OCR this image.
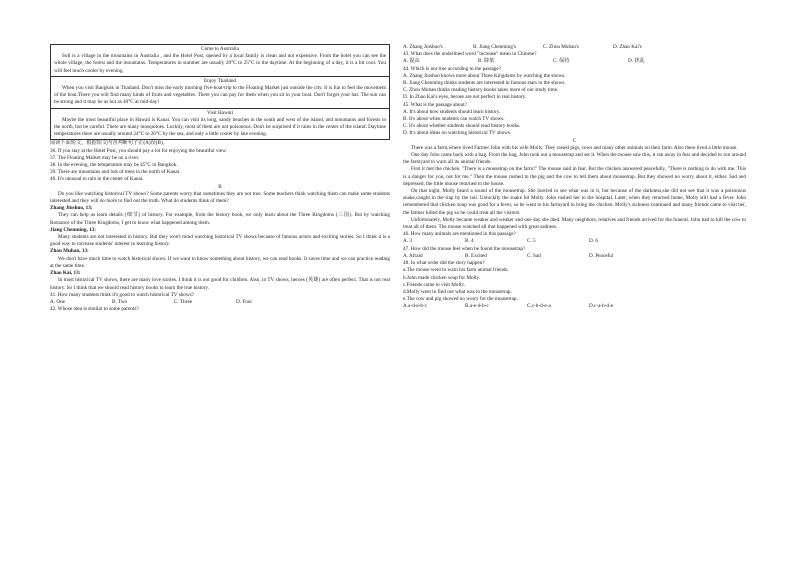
Come to Australia
Soll is a village in the mountains in Australia , and the Hotel Post, opened by a local family is clean and not expensive. From the hotel you can see the whole village, the forest and the mountains. Temperatures in summer are usually 20°C to 25°C in the daytime. At the beginning of a day, it is a bit cool. You will feel much cooler by evening.
Enjoy Thailand
When you visit Bangkok in Thailand. Don't miss the early morning five-boat-trip to the Floating Market just outside the city. It is fun to feel the movement of the boat.There you will find many kinds of fruits and vegetables. There you can pay for them when you sit in your boat. Don't forget your hat. The sun can be strong and it may be as hot as 40°C at mid-day!
Visit Hawaii
Maybe the most beautiful place in Hawaii is Kauai. You can visit its long, sandy beaches in the south and west of the island, and mountains and forests in the north, but be careful. There are many mosquitoes. Luckily, most of them are not poisonous. Don't be surprised if it rains in the center of the island. Daytime temperatures there are usually around 24°C to 26°C by the sea, and only a little cooler by late evening.
阅读下面短文，根据短文内容判断句子正(A)误(B)。
36. If you stay at the Hotel Post, you should pay a lot for enjoying the beautiful view.
37. The Floating Market may be on a river.
38. In the evening, the temperature may be 45°C in Bangkok.
39. There are mountains and lots of trees in the north of Kauai.
40. It's unusual to rain in the center of Kauai.
B
Do you like watching historical TV shows? Some parents worry that sometimes they are not true. Some teachers think watching them can make some students interested and they will do more to find out the truth. What do students think of them?
Zhang Jinshuo, 13:
They can help us learn details (细节) of history. For example, from the history book, we only learn about the Three Kingdoms (三国). But by watching Romance of the Three Kingdoms, I get to know what happened among them.
Jiang Chenming, 13:
Many students are not interested in history. But they won't mind watching historical TV shows because of famous actors and exciting stories. So I think it is a good way to increase students' interest in learning history.
Zhou Muhan, 13:
We don't have much time to watch historical shows. If we want to know something about history, we can read books. It saves time and we can practice reading at the same time.
Zhao Kai, 13:
In most historical TV shows, there are many love stories. I think it is not good for children. Also, in TV shows, heroes (英雄) are often perfect. That is not real history. So I think that we should read history books to learn the true history.
41. How many students think it's good to watch historical TV shows?
A. One	B. Two	C. Three	D. Four
42. Whose idea is similar to some parents?
A. Zhang Jinshuo's	B. Jiang Chenming's	C. Zhou Muhan's	D. Zhao Kai's
43. What does the underlined word "increase" mean in Chinese?
A. 提高	B. 降低	C. 保持	D. 扰乱
44. Which is not true according to the passage?
A. Zhang Jinshuo knows more about Three Kingdoms by watching the shows.
B. Jiang Chenming thinks students are interested in famous stars in the shows.
C. Zhou Muhan thinks reading history books takes more of our study time.
D. In Zhao Kai's eyes, heroes are not perfect in real history.
45. What is the passage about?
A. It's about how students should learn history.
B. It's about when students can watch TV shows.
C. It's about whether students should read history books.
D. It's about ideas on watching historical TV shows.
C
There was a farm,where lived Farmer John with his wife Molly. They raised pigs, cows and many other animals on their farm. Also there lived a little mouse.
One day John came back with a bag. From the bag, John took out a mousetrap and set it. When the mouse saw this, it ran away in fear and decided to run around the farmyard to warn all its animal friends.
First it met the chicken. "There is a mousetrap on the farm!" The mouse said in fear. But the chicken answered peacefully, "There is nothing to do with me. This is a danger for you, not for me." Then the mouse rushed to the pig and the cow to tell them about mousetrap. But they showed no worry about it, either. Sad and depressed, the little mouse returned to the house.
On that night, Molly heard a sound of the mousetrap. She hurried to see what was in it, but because of the darkness,she did not see that it was a poisonous snake,caught in the trap by the tail. Unluckily the snake bit Molly. John rushed her to the hospital. Later, when they returned home, Molly still had a fever. John remembered that chicken soup was good for a fever, so he went to his farmyard to bring the chicken. Molly's sickness continued and many friends came to visit her, the farmer killed the pig so he could treat all the visitors.
Unfortunately, Molly became weaker and weaker and one day she died. Many neighbors, relatives and friends arrived for the funeral. John had to kill the cow to treat all of them. The mouse watched all that happened with great sadness.
46. How many animals are mentioned in this passage?
A. 3	B. 4	C. 5	D. 6
47. How did the mouse feel when he found the mousetrap?
A. Afraid	B. Excited	C. Sad	D. Peaceful
48. In what order did the story happen?
a.The mouse went to warn his farm animal friends.
b.John made chicken soup for Molly.
c.Friends came to visit Molly.
d.Molly went to find out what was in the mousetrap.
e.The cow and pig showed no worry for the mousetrap.
A.a-d-e-b-c	B.a-e-d-b-c	C.c-b-d-e-a	D.c-a-b-d-e
